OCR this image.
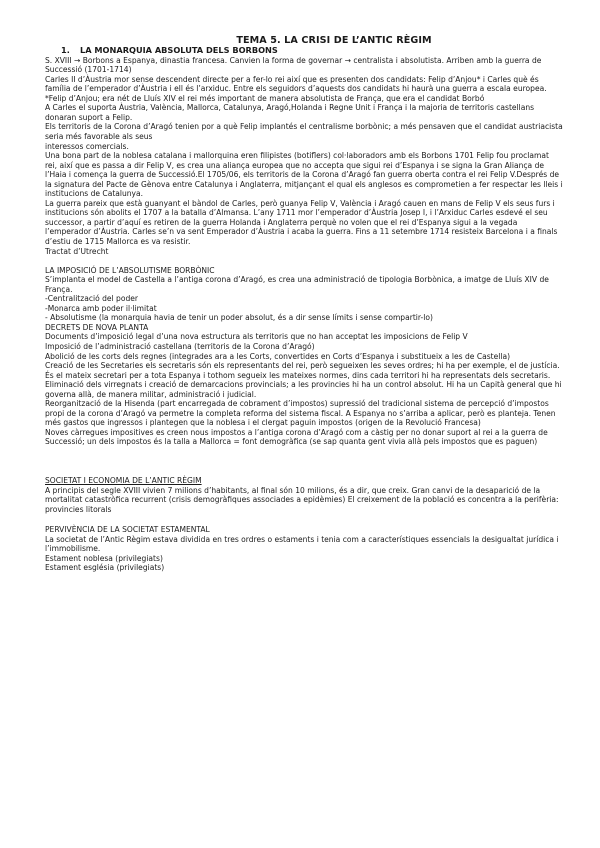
TEMA 5. LA CRISI DE L’ANTIC RÈGIM
1. LA MONARQUIA ABSOLUTA DELS BORBONS

S. XVIII → Borbons a Espanya, dinastia francesa. Canvien la forma de governar → centralista i absolutista. Arriben amb la guerra de Successió (1701-1714)

Carles II d’Àustria mor sense descendent directe per a fer-lo rei així que es presenten dos candidats: Felip d’Anjou* i Carles què és família de l’emperador d’Àustria i ell és l’arxiduc. Entre els seguidors d’aquests dos candidats hi haurà una guerra a escala europea.

*Felip d’Anjou; era nét de Lluís XIV el rei més important de manera absolutista de França, que era el candidat Borbó

A Carles el suporta Àustria, València, Mallorca, Catalunya, Aragó,Holanda i Regne Unit i França i la majoria de territoris castellans donaran suport a Felip.

Els territoris de la Corona d’Aragó tenien por a què Felip implantés el centralisme borbònic; a més pensaven que el candidat austriacista seria més favorable als seus

interessos comercials.

Una bona part de la noblesa catalana i mallorquina eren filipistes (botiflers) col·laboradors amb els Borbons 1701 Felip fou proclamat rei, així que es passa a dir Felip V, es crea una aliança europea que no accepta que sigui rei d’Espanya i se signa la Gran Aliança de l’Haia i comença la guerra de Successió.El 1705/06, els territoris de la Corona d’Aragó fan guerra oberta contra el rei Felip V.Després de la signatura del Pacte de Gènova entre Catalunya i Anglaterra, mitjançant el qual els anglesos es comprometien a fer respectar les lleis i institucions de Catalunya.

La guerra pareix que està guanyant el bàndol de Carles, però guanya Felip V, València i Aragó cauen en mans de Felip V els seus furs i institucions són abolits el 1707 a la batalla d’Almansa. L’any 1711 mor l’emperador d’Àustria Josep I, i l’Arxiduc Carles esdevé el seu successor, a partir d’aquí es retiren de la guerra Holanda i Anglaterra perquè no volen que el rei d’Espanya sigui a la vegada l’emperador d’Àustria. Carles se’n va sent Emperador d’Àustria i acaba la guerra. Fins a 11 setembre 1714 resisteix Barcelona i a finals d’estiu de 1715 Mallorca es va resistir.

Tractat d’Utrecht

LA IMPOSICIÓ DE L’ABSOLUTISME BORBÒNIC

S’implanta el model de Castella a l’antiga corona d’Aragó, es crea una administració de tipologia Borbònica, a imatge de Lluís XIV de França.

-Centralització del poder

-Monarca amb poder il·limitat

- Absolutisme (la monarquia havia de tenir un poder absolut, és a dir sense límits i sense compartir-lo)

DECRETS DE NOVA PLANTA

Documents d’imposició legal d’una nova estructura als territoris que no han acceptat les imposicions de Felip V

Imposició de l’administració castellana (territoris de la Corona d’Aragó)

Abolició de les corts dels regnes (integrades ara a les Corts, convertides en Corts d’Espanya i substitueix a les de Castella)

Creació de les Secretaries els secretaris són els representants del rei, però segueixen les seves ordres; hi ha per exemple, el de justícia. És el mateix secretari per a tota Espanya i tothom segueix les mateixes normes, dins cada territori hi ha representats dels secretaris.

Eliminació dels virregnats i creació de demarcacions provincials; a les provincies hi ha un control absolut. Hi ha un Capità general que hi governa allà, de manera militar, administració i judicial.

Reorganització de la Hisenda (part encarregada de cobrament d’impostos) supressió del tradicional sistema de percepció d’impostos propi de la corona d’Aragó va permetre la completa reforma del sistema fiscal. A Espanya no s’arriba a aplicar, però es planteja. Tenen més gastos que ingressos i plantegen que la noblesa i el clergat paguin impostos (origen de la Revolució Francesa)

Noves càrregues impositives es creen nous impostos a l’antiga corona d’Aragó com a càstig per no donar suport al rei a la guerra de Successió; un dels impostos és la talla a Mallorca = font demogràfica (se sap quanta gent vivia allà pels impostos que es paguen)

SOCIETAT I ECONOMIA DE L’ANTIC RÈGIM

A principis del segle XVIII vivien 7 milions d’habitants, al final són 10 milions, és a dir, que creix. Gran canvi de la desaparició de la mortalitat catastròfica recurrent (crisis demogràfiques associades a epidèmies) El creixement de la població es concentra a la perifèria: provincies litorals

PERVIVÈNCIA DE LA SOCIETAT ESTAMENTAL

La societat de l’Antic Règim estava dividida en tres ordres o estaments i tenia com a característiques essencials la desigualtat jurídica i l’immobilisme.

Estament noblesa (privilegiats)

Estament església (privilegiats)
